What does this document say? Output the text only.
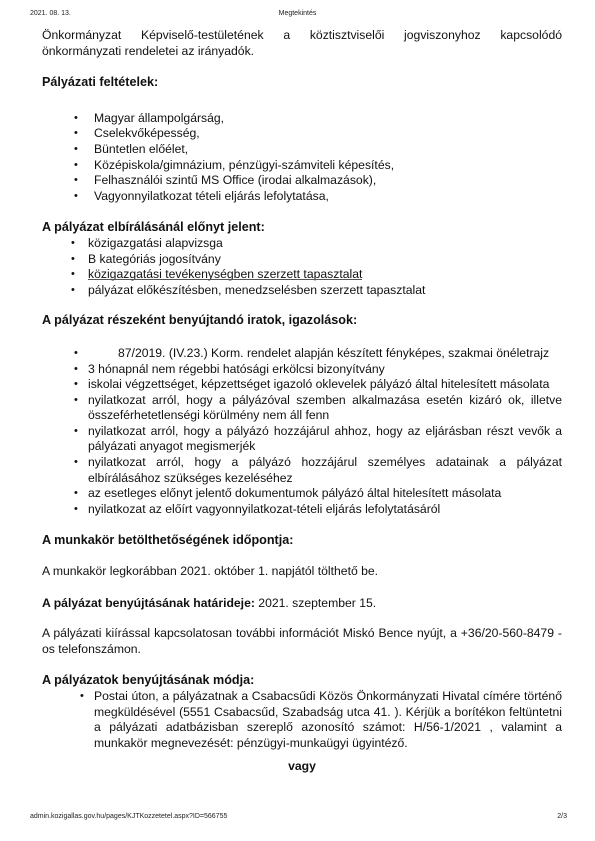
2021. 08. 13.	Megtekintés

Önkormányzat Képviselő-testületének a köztisztviselői jogviszonyhoz kapcsolódó önkormányzati rendeletei az irányadók.

Pályázati feltételek:
• Magyar állampolgárság,
• Cselekvőképesség,
• Büntetlen előélet,
• Középiskola/gimnázium, pénzügyi-számviteli képesítés,
• Felhasználói szintű MS Office (irodai alkalmazások),
• Vagyonnyilatkozat tételi eljárás lefolytatása,
A pályázat elbírálásánál előnyt jelent:
• közigazgatási alapvizsga
• B kategóriás jogosítvány
• közigazgatási tevékenységben szerzett tapasztalat
• pályázat előkészítésben, menedzselésben szerzett tapasztalat
A pályázat részeként benyújtandó iratok, igazolások:
•	87/2019. (IV.23.) Korm. rendelet alapján készített fényképes, szakmai önéletrajz
• 3 hónapnál nem régebbi hatósági erkölcsi bizonyítvány
• iskolai végzettséget, képzettséget igazoló oklevelek pályázó által hitelesített másolata
• nyilatkozat arról, hogy a pályázóval szemben alkalmazása esetén kizáró ok, illetve összeférhetetlenségi körülmény nem áll fenn
• nyilatkozat arról, hogy a pályázó hozzájárul ahhoz, hogy az eljárásban részt vevők a pályázati anyagot megismerjék
• nyilatkozat arról, hogy a pályázó hozzájárul személyes adatainak a pályázat elbírálásához szükséges kezeléséhez
• az esetleges előnyt jelentő dokumentumok pályázó által hitelesített másolata
• nyilatkozat az előírt vagyonnyilatkozat-tételi eljárás lefolytatásáról
A munkakör betölthetőségének időpontja:

A munkakör legkorábban 2021. október 1. napjától tölthető be.

A pályázat benyújtásának határideje: 2021. szeptember 15.

A pályázati kiírással kapcsolatosan további információt Miskó Bence nyújt, a +36/20-560-8479 -os telefonszámon.

A pályázatok benyújtásának módja:
• Postai úton, a pályázatnak a Csabacsűdi Közös Önkormányzati Hivatal címére történő megküldésével (5551 Csabacsűd, Szabadság utca 41. ). Kérjük a borítékon feltüntetni a pályázati adatbázisban szereplő azonosító számot: H/56-1/2021 , valamint a munkakör megnevezését: pénzügyi-munkaügyi ügyintéző.
vagy
admin.kozigallas.gov.hu/pages/KJTKozzetetel.aspx?ID=566755	2/3
